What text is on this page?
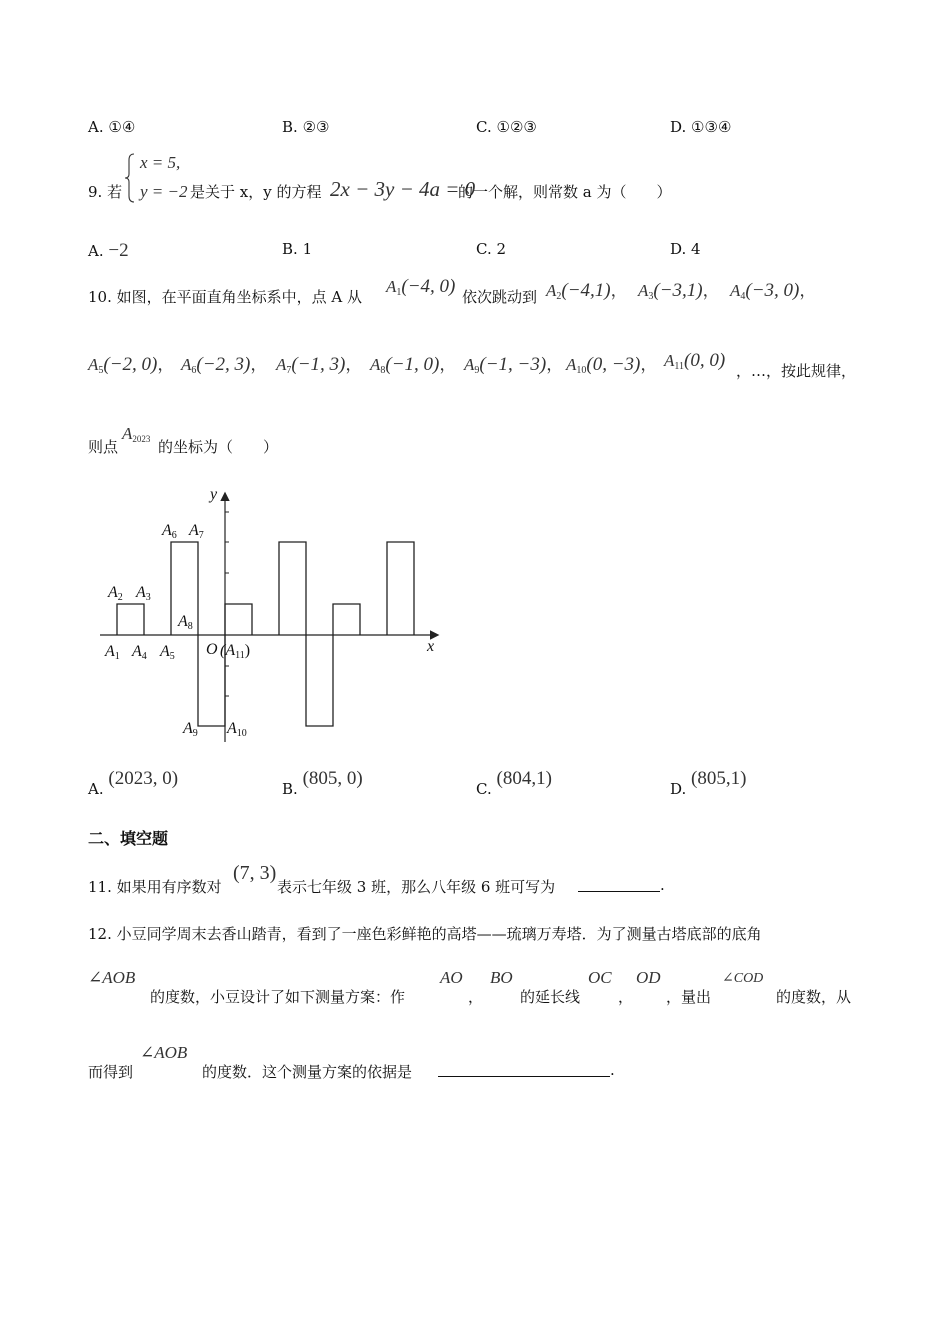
A. ①④	B. ②③	C. ①②③	D. ①③④
9. 若
x = 5,
y = −2 是关于 x，y 的方程 2x − 3y − 4a = 0
的一个解，则常数 a 为（　　）
A. −2	B. 1	C. 2	D. 4
10. 如图，在平面直角坐标系中，点 A 从
$A_1(-4$, 0) 依次跳动到 $A_2(-4,1)$， $A_3(-3,1)$， $A_4(-3$, 0)，
$A_5(-2$, 0)， $A_6(-2$, 3)， $A_7(-1$, 3)， $A_8(-1$, 0)， $A_9(-1$, −3)， $A_{10}(0$, −3)， $A_{11}(0$, 0) ，…，按此规律，
则点
$A_{2023}$ 的坐标为（　　）
y
x
O
A1
A2 A3
A4 A5
A6 A7
A8
A9 A10
(A11)
A. (2023, 0)	B. (805, 0)	C. (804,1)	D. (805,1)
二、填空题
11. 如果用有序数对
(7, 3)
表示七年级 3 班，那么八年级 6 班可写为	.
12. 小豆同学周末去香山踏青，看到了一座色彩鲜艳的高塔——琉璃万寿塔．为了测量古塔底部的底角
∠AOB
的度数，小豆设计了如下测量方案：作
AO
，
BO
的延长线
OC
，
OD
，量出
∠COD
的度数，从
而得到
∠AOB
的度数．这个测量方案的依据是	.
